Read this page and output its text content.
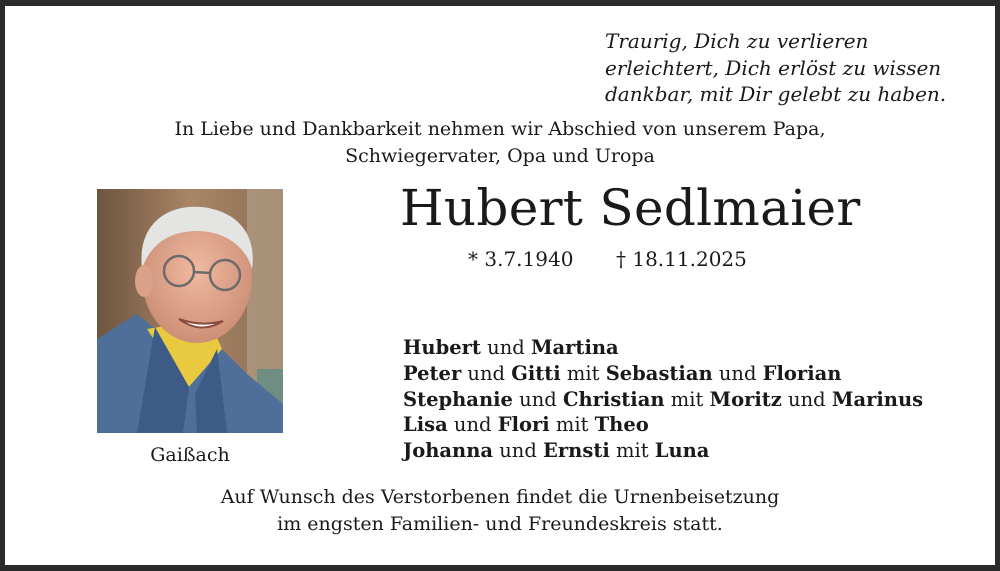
Traurig, Dich zu verlieren
erleichtert, Dich erlöst zu wissen
dankbar, mit Dir gelebt zu haben.
In Liebe und Dankbarkeit nehmen wir Abschied von unserem Papa,
Schwiegervater, Opa und Uropa
Hubert Sedlmaier
* 3.7.1940 † 18.11.2025
Gaißach
Hubert und Martina
Peter und Gitti mit Sebastian und Florian
Stephanie und Christian mit Moritz und Marinus
Lisa und Flori mit Theo
Johanna und Ernsti mit Luna
Auf Wunsch des Verstorbenen findet die Urnenbeisetzung
im engsten Familien- und Freundeskreis statt.
